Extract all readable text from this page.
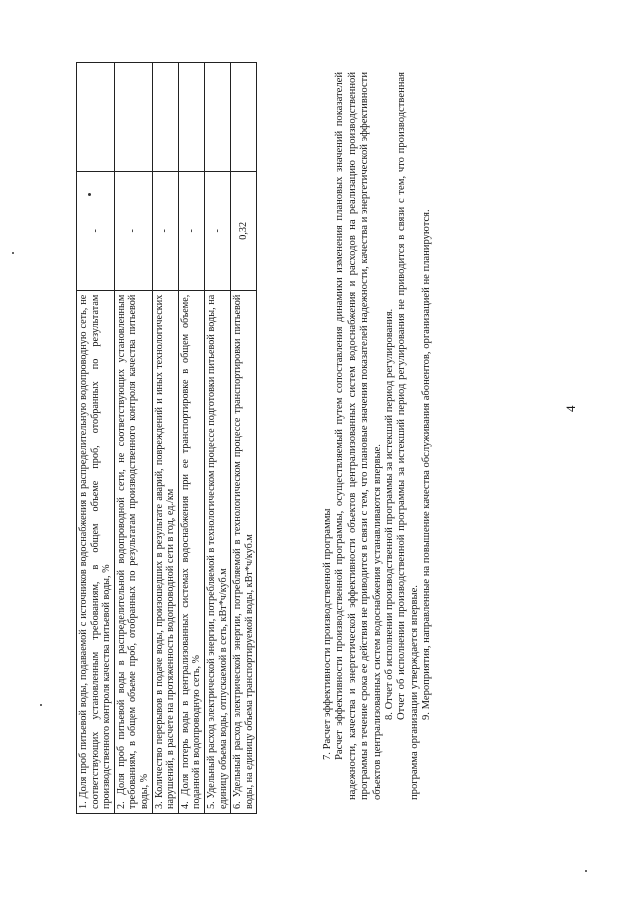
4
1. Доля проб питьевой воды, подаваемой с источников водоснабжения в распределительную водопроводную сеть, не соответствующих установленным требованиям, в общем объеме проб, отобранных по результатам производственного контроля качества питьевой воды, %	-	
2. Доля проб питьевой воды в распределительной водопроводной сети, не соответствующих установленным требованиям, в общем объеме проб, отобранных по результатам производственного контроля качества питьевой воды, %	-	
3. Количество перерывов в подаче воды, произошедших в результате аварий, повреждений и иных технологических нарушений, в расчете на протяженность водопроводной сети в год, ед./км	-	
4. Доля потерь воды в централизованных системах водоснабжения при ее транспортировке в общем объеме, поданной в водопроводную сеть, %	-	
5. Удельный расход электрической энергии, потребляемой в технологическом процессе подготовки питьевой воды, на единицу объема воды, отпускаемой в сеть, кВт*ч/куб.м	-	
6. Удельный расход электрической энергии, потребляемой в технологическом процессе транспортировки питьевой воды, на единицу объема транспортируемой воды, кВт*ч/куб.м	0,32	

7. Расчет эффективности производственной программы Расчет эффективности производственной программы, осуществляемый путем сопоставления динамики изменения плановых значений показателей надежности, качества и энергетической эффективности объектов централизованных систем водоснабжения и расходов на реализацию производственной программы в течение срока ее действия не приводится в связи с тем, что плановые значения показателей надежности, качества и энергетической эффективности объектов централизованных систем водоснабжения устанавливаются впервые. 8. Отчет об исполнении производственной программы за истекший период регулирования. Отчет об исполнении производственной программы за истекший период регулирования не приводится в связи с тем, что производственная программа организации утверждается впервые. 9. Мероприятия, направленные на повышение качества обслуживания абонентов, организацией не планируются.
